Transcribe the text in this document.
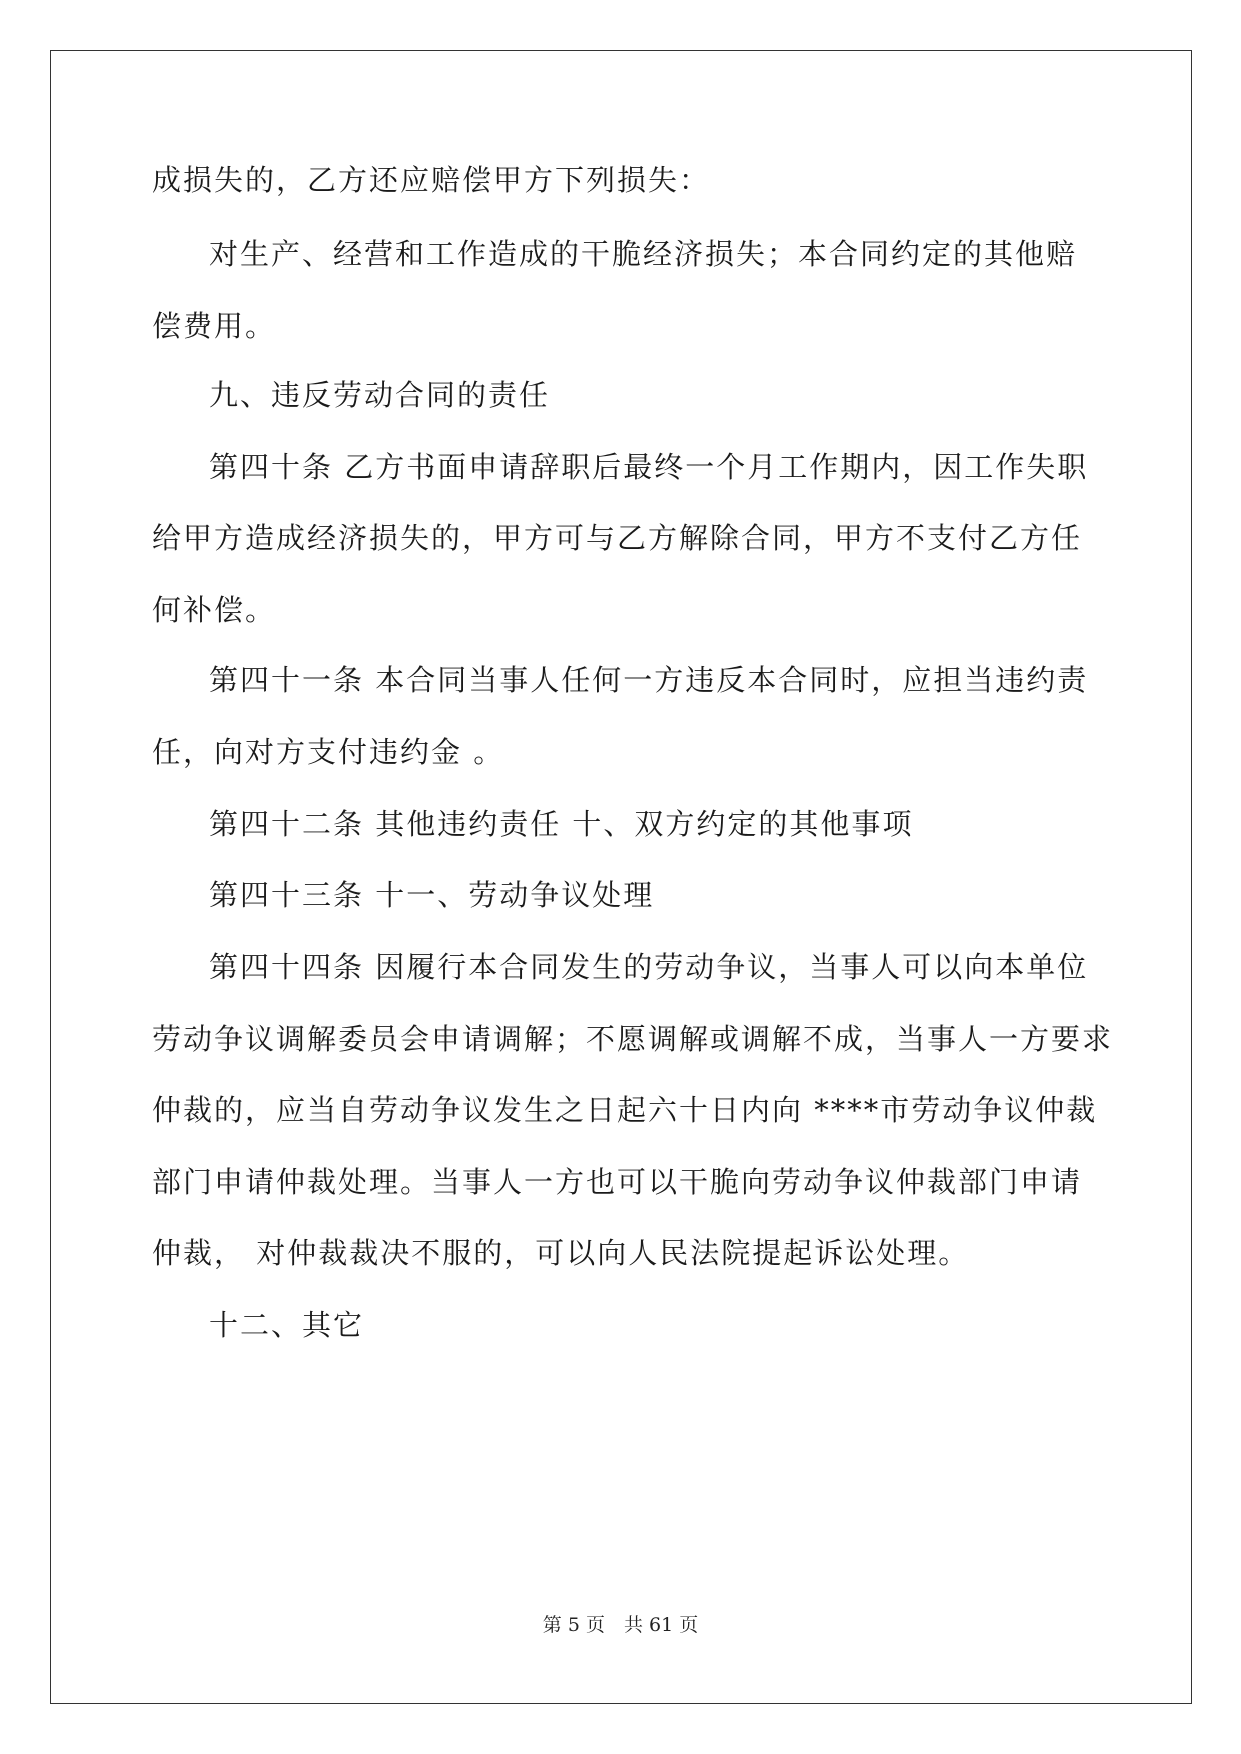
成损失的，乙方还应赔偿甲方下列损失：
对生产、经营和工作造成的干脆经济损失；本合同约定的其他赔
偿费用。
九、违反劳动合同的责任
第四十条 乙方书面申请辞职后最终一个月工作期内，因工作失职
给甲方造成经济损失的，甲方可与乙方解除合同，甲方不支付乙方任
何补偿。
第四十一条 本合同当事人任何一方违反本合同时，应担当违约责
任，向对方支付违约金 。
第四十二条 其他违约责任 十、双方约定的其他事项
第四十三条 十一、劳动争议处理
第四十四条 因履行本合同发生的劳动争议，当事人可以向本单位
劳动争议调解委员会申请调解；不愿调解或调解不成，当事人一方要求
仲裁的，应当自劳动争议发生之日起六十日内向 ****市劳动争议仲裁
部门申请仲裁处理。当事人一方也可以干脆向劳动争议仲裁部门申请
仲裁， 对仲裁裁决不服的，可以向人民法院提起诉讼处理。
十二、其它
第 5 页　共 61 页
